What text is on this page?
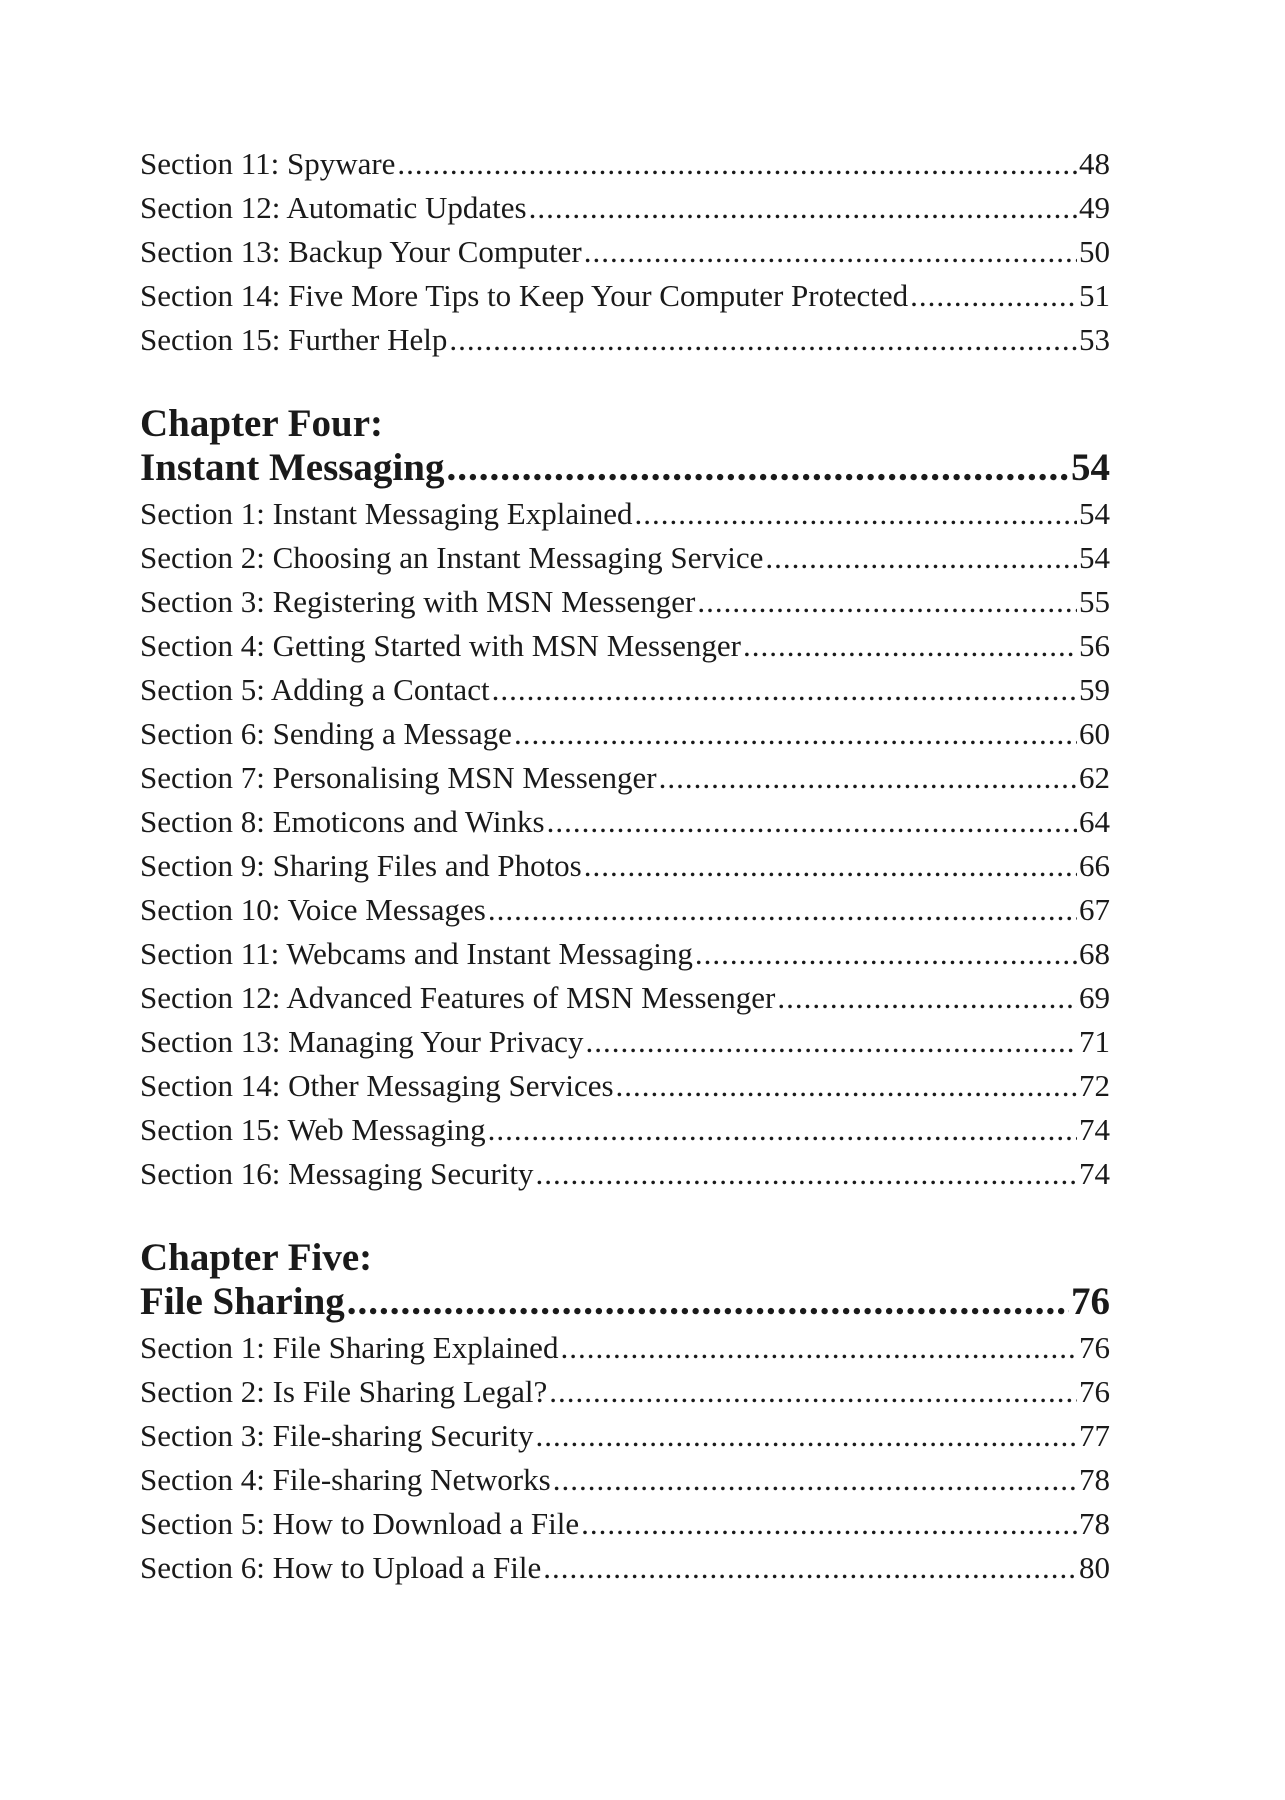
Section 11: Spyware .....	48
Section 12: Automatic Updates .....	49
Section 13: Backup Your Computer .....	50
Section 14: Five More Tips to Keep Your Computer Protected .....	51
Section 15: Further Help .....	53
Chapter Four:
Instant Messaging .....	54
Section 1: Instant Messaging Explained .....	54
Section 2: Choosing an Instant Messaging Service .....	54
Section 3: Registering with MSN Messenger .....	55
Section 4: Getting Started with MSN Messenger .....	56
Section 5: Adding a Contact .....	59
Section 6: Sending a Message .....	60
Section 7: Personalising MSN Messenger .....	62
Section 8: Emoticons and Winks .....	64
Section 9: Sharing Files and Photos .....	66
Section 10: Voice Messages .....	67
Section 11: Webcams and Instant Messaging .....	68
Section 12: Advanced Features of MSN Messenger .....	69
Section 13: Managing Your Privacy .....	71
Section 14: Other Messaging Services .....	72
Section 15: Web Messaging .....	74
Section 16: Messaging Security .....	74
Chapter Five:
File Sharing .....	76
Section 1: File Sharing Explained .....	76
Section 2: Is File Sharing Legal? .....	76
Section 3: File-sharing Security .....	77
Section 4: File-sharing Networks .....	78
Section 5: How to Download a File .....	78
Section 6: How to Upload a File .....	80
